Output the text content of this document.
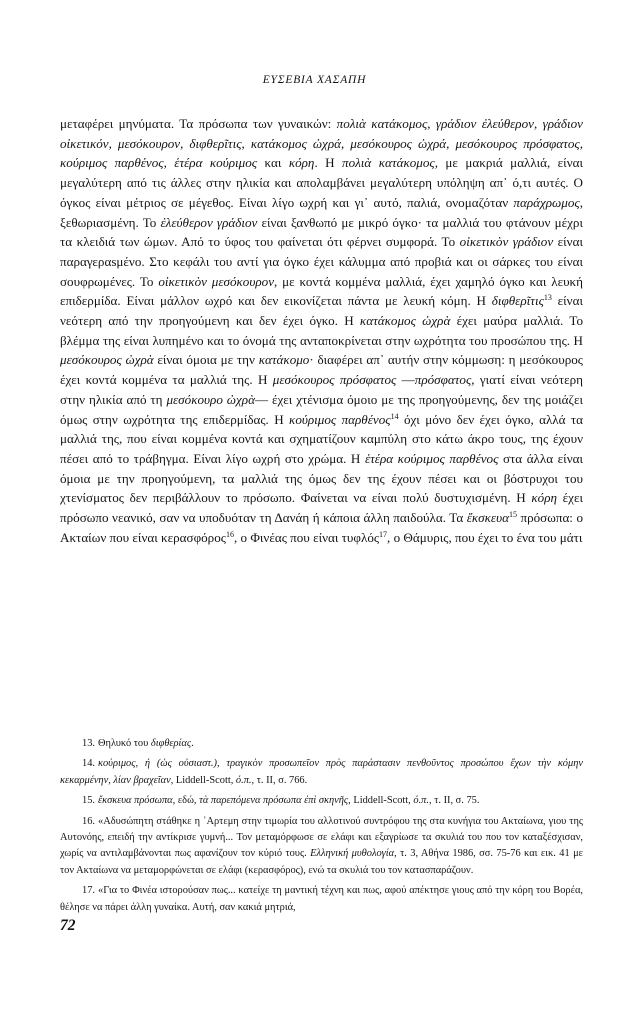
ΕΥΣΕΒΙΑ ΧΑΣΑΠΗ

μεταφέρει μηνύματα. Τα πρόσωπα των γυναικών: πολιὰ κατάκομος, γράδιον ἐλεύθερον, γράδιον οἰκετικόν, μεσόκουρον, διφθερῖτις, κατάκομος ὠχρά, μεσόκουρος ὠχρά, μεσόκουρος πρόσφατος, κούριμος παρθένος, ἑτέρα κούριμος και κόρη. Η πολιὰ κατάκομος, με μακριά μαλλιά, είναι μεγαλύτερη από τις άλλες στην ηλικία και απολαμβάνει μεγαλύτερη υπόληψη απ᾽ ό,τι αυτές. Ο όγκος είναι μέτριος σε μέγεθος. Είναι λίγο ωχρή και γι᾽ αυτό, παλιά, ονομαζόταν παράχρωμος, ξεθωριασμένη. Το ἐλεύθερον γράδιον είναι ξανθωπό με μικρό όγκο· τα μαλλιά του φτάνουν μέχρι τα κλειδιά των ώμων. Από το ύφος του φαίνεται ότι φέρνει συμφορά. Το οἰκετικὸν γράδιον είναι παραγεραsμένο. Στο κεφάλι του αντί για όγκο έχει κάλυμμα από προβιά και οι σάρκες του είναι σουφρωμένες. Το οἰκετικὸν μεσόκουρον, με κοντά κομμένα μαλλιά, έχει χαμηλό όγκο και λευκή επιδερμίδα. Είναι μάλλον ωχρό και δεν εικονίζεται πάντα με λευκή κόμη. Η διφθερῖτις$^{13}$ είναι νεότερη από την προηγούμενη και δεν έχει όγκο. Η κατάκομος ὠχρὰ έχει μαύρα μαλλιά. Το βλέμμα της είναι λυπημένο και το όνομά της ανταποκρίνεται στην ωχρότητα του προσώπου της. Η μεσόκουρος ὠχρὰ είναι όμοια με την κατάκομο· διαφέρει απ᾽ αυτήν στην κόμμωση: η μεσόκουρος έχει κοντά κομμένα τα μαλλιά της. Η μεσόκουρος πρόσφατος —πρόσφατος, γιατί είναι νεότερη στην ηλικία από τη μεσόκουρο ὠχρὰ— έχει χτένισμα όμοιο με της προηγούμενης, δεν της μοιάζει όμως στην ωχρότητα της επιδερμίδας. Η κούριμος παρθένος$^{14}$ όχι μόνο δεν έχει όγκο, αλλά τα μαλλιά της, που είναι κομμένα κοντά και σχηματίζουν καμπύλη στο κάτω άκρο τους, της έχουν πέσει από το τράβηγμα. Είναι λίγο ωχρή στο χρώμα. Η ἑτέρα κούριμος παρθένος στα άλλα είναι όμοια με την προηγούμενη, τα μαλλιά της όμως δεν της έχουν πέσει και οι βόστρυχοι του χτενίσματος δεν περιβάλλουν το πρόσωπο. Φαίνεται να είναι πολύ δυστυχισμένη. Η κόρη έχει πρόσωπο νεανικό, σαν να υποδυόταν τη Δανάη ή κάποια άλλη παιδούλα. Τα ἔκσκευα$^{15}$ πρόσωπα: ο Ακταίων που είναι κερασφόρος$^{16}$, ο Φινέας που είναι τυφλός$^{17}$, ο Θάμυρις, που έχει το ένα του μάτι

13. Θηλυκό του διφθερίας.

14. κούριμος, ή (ὡς οὐσιαστ.), τραγικὸν προσωπεῖον πρὸς παράστασιν πενθοῦντος προσώπου ἔχων τὴν κόμην κεκαρμένην, λίαν βραχεῖαν, Liddell-Scott, ό.π., τ. II, σ. 766.

15. ἔκσκευα πρόσωπα, εδώ, τὰ παρεπόμενα πρόσωπα ἐπὶ σκηνῆς, Liddell-Scott, ό.π., τ. II, σ. 75.

16. «Αδυσώπητη στάθηκε η ᾽Αρτεμη στην τιμωρία του αλλοτινού συντρόφου της στα κυνήγια του Ακταίωνα, γιου της Αυτονόης, επειδή την αντίκρισε γυμνή... Τον μεταμόρφωσε σε ελάφι και εξαγρίωσε τα σκυλιά του που τον καταξέσχισαν, χωρίς να αντιλαμβάνονται πως αφανίζουν τον κύριό τους. Ελληνική μυθολογία, τ. 3, Αθήνα 1986, σσ. 75-76 και εικ. 41 με τον Ακταίωνα να μεταμορφώνεται σε ελάφι (κερασφόρος), ενώ τα σκυλιά του τον κατασπαράζουν.

17. «Για το Φινέα ιστορούσαν πως... κατείχε τη μαντική τέχνη και πως, αφού απέκτησε γιους από την κόρη του Βορέα, θέλησε να πάρει άλλη γυναίκα. Αυτή, σαν κακιά μητριά,

72
